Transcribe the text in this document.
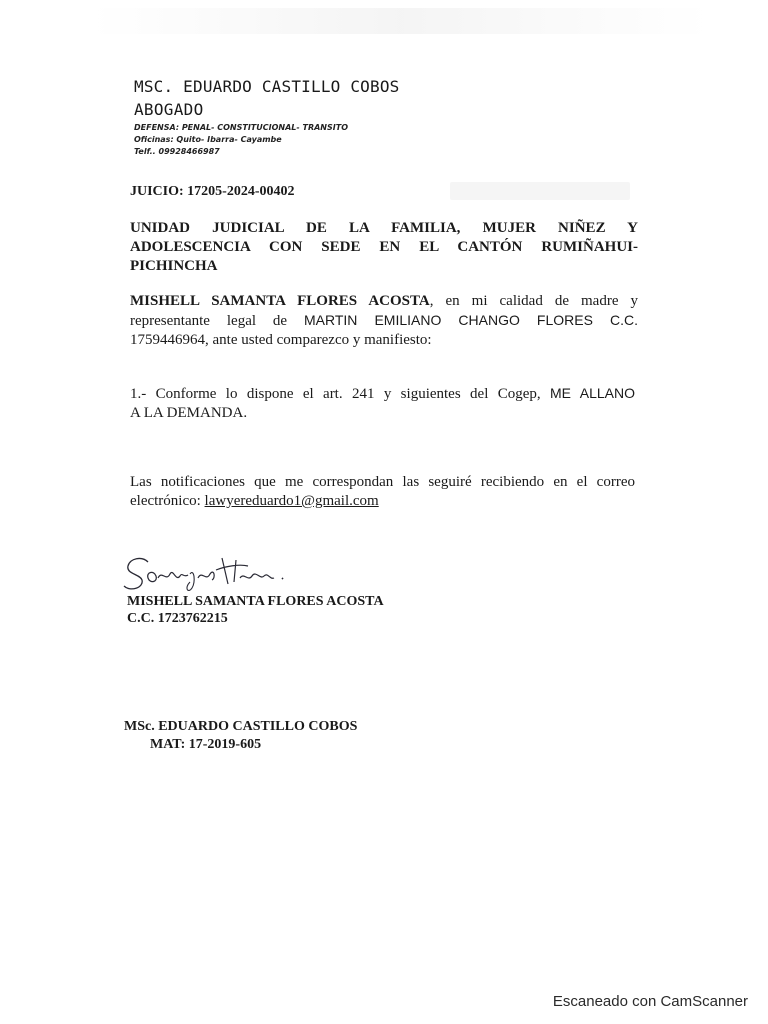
MSC. EDUARDO CASTILLO COBOS
ABOGADO
DEFENSA: PENAL- CONSTITUCIONAL- TRANSITO
Oficinas: Quito- Ibarra- Cayambe
Telf.. 09928466987
JUICIO: 17205-2024-00402
UNIDAD JUDICIAL DE LA FAMILIA, MUJER NIÑEZ Y
ADOLESCENCIA CON SEDE EN EL CANTÓN RUMIÑAHUI-
PICHINCHA
MISHELL SAMANTA FLORES ACOSTA, en mi calidad de madre y
representante legal de MARTIN EMILIANO CHANGO FLORES C.C.
1759446964, ante usted comparezco y manifiesto:
1.- Conforme lo dispone el art. 241 y siguientes del Cogep, ME ALLANO
A LA DEMANDA.
Las notificaciones que me correspondan las seguiré recibiendo en el correo
electrónico: lawyereduardo1@gmail.com
MISHELL SAMANTA FLORES ACOSTA
C.C. 1723762215
MSc. EDUARDO CASTILLO COBOS
MAT: 17-2019-605
Escaneado con CamScanner
